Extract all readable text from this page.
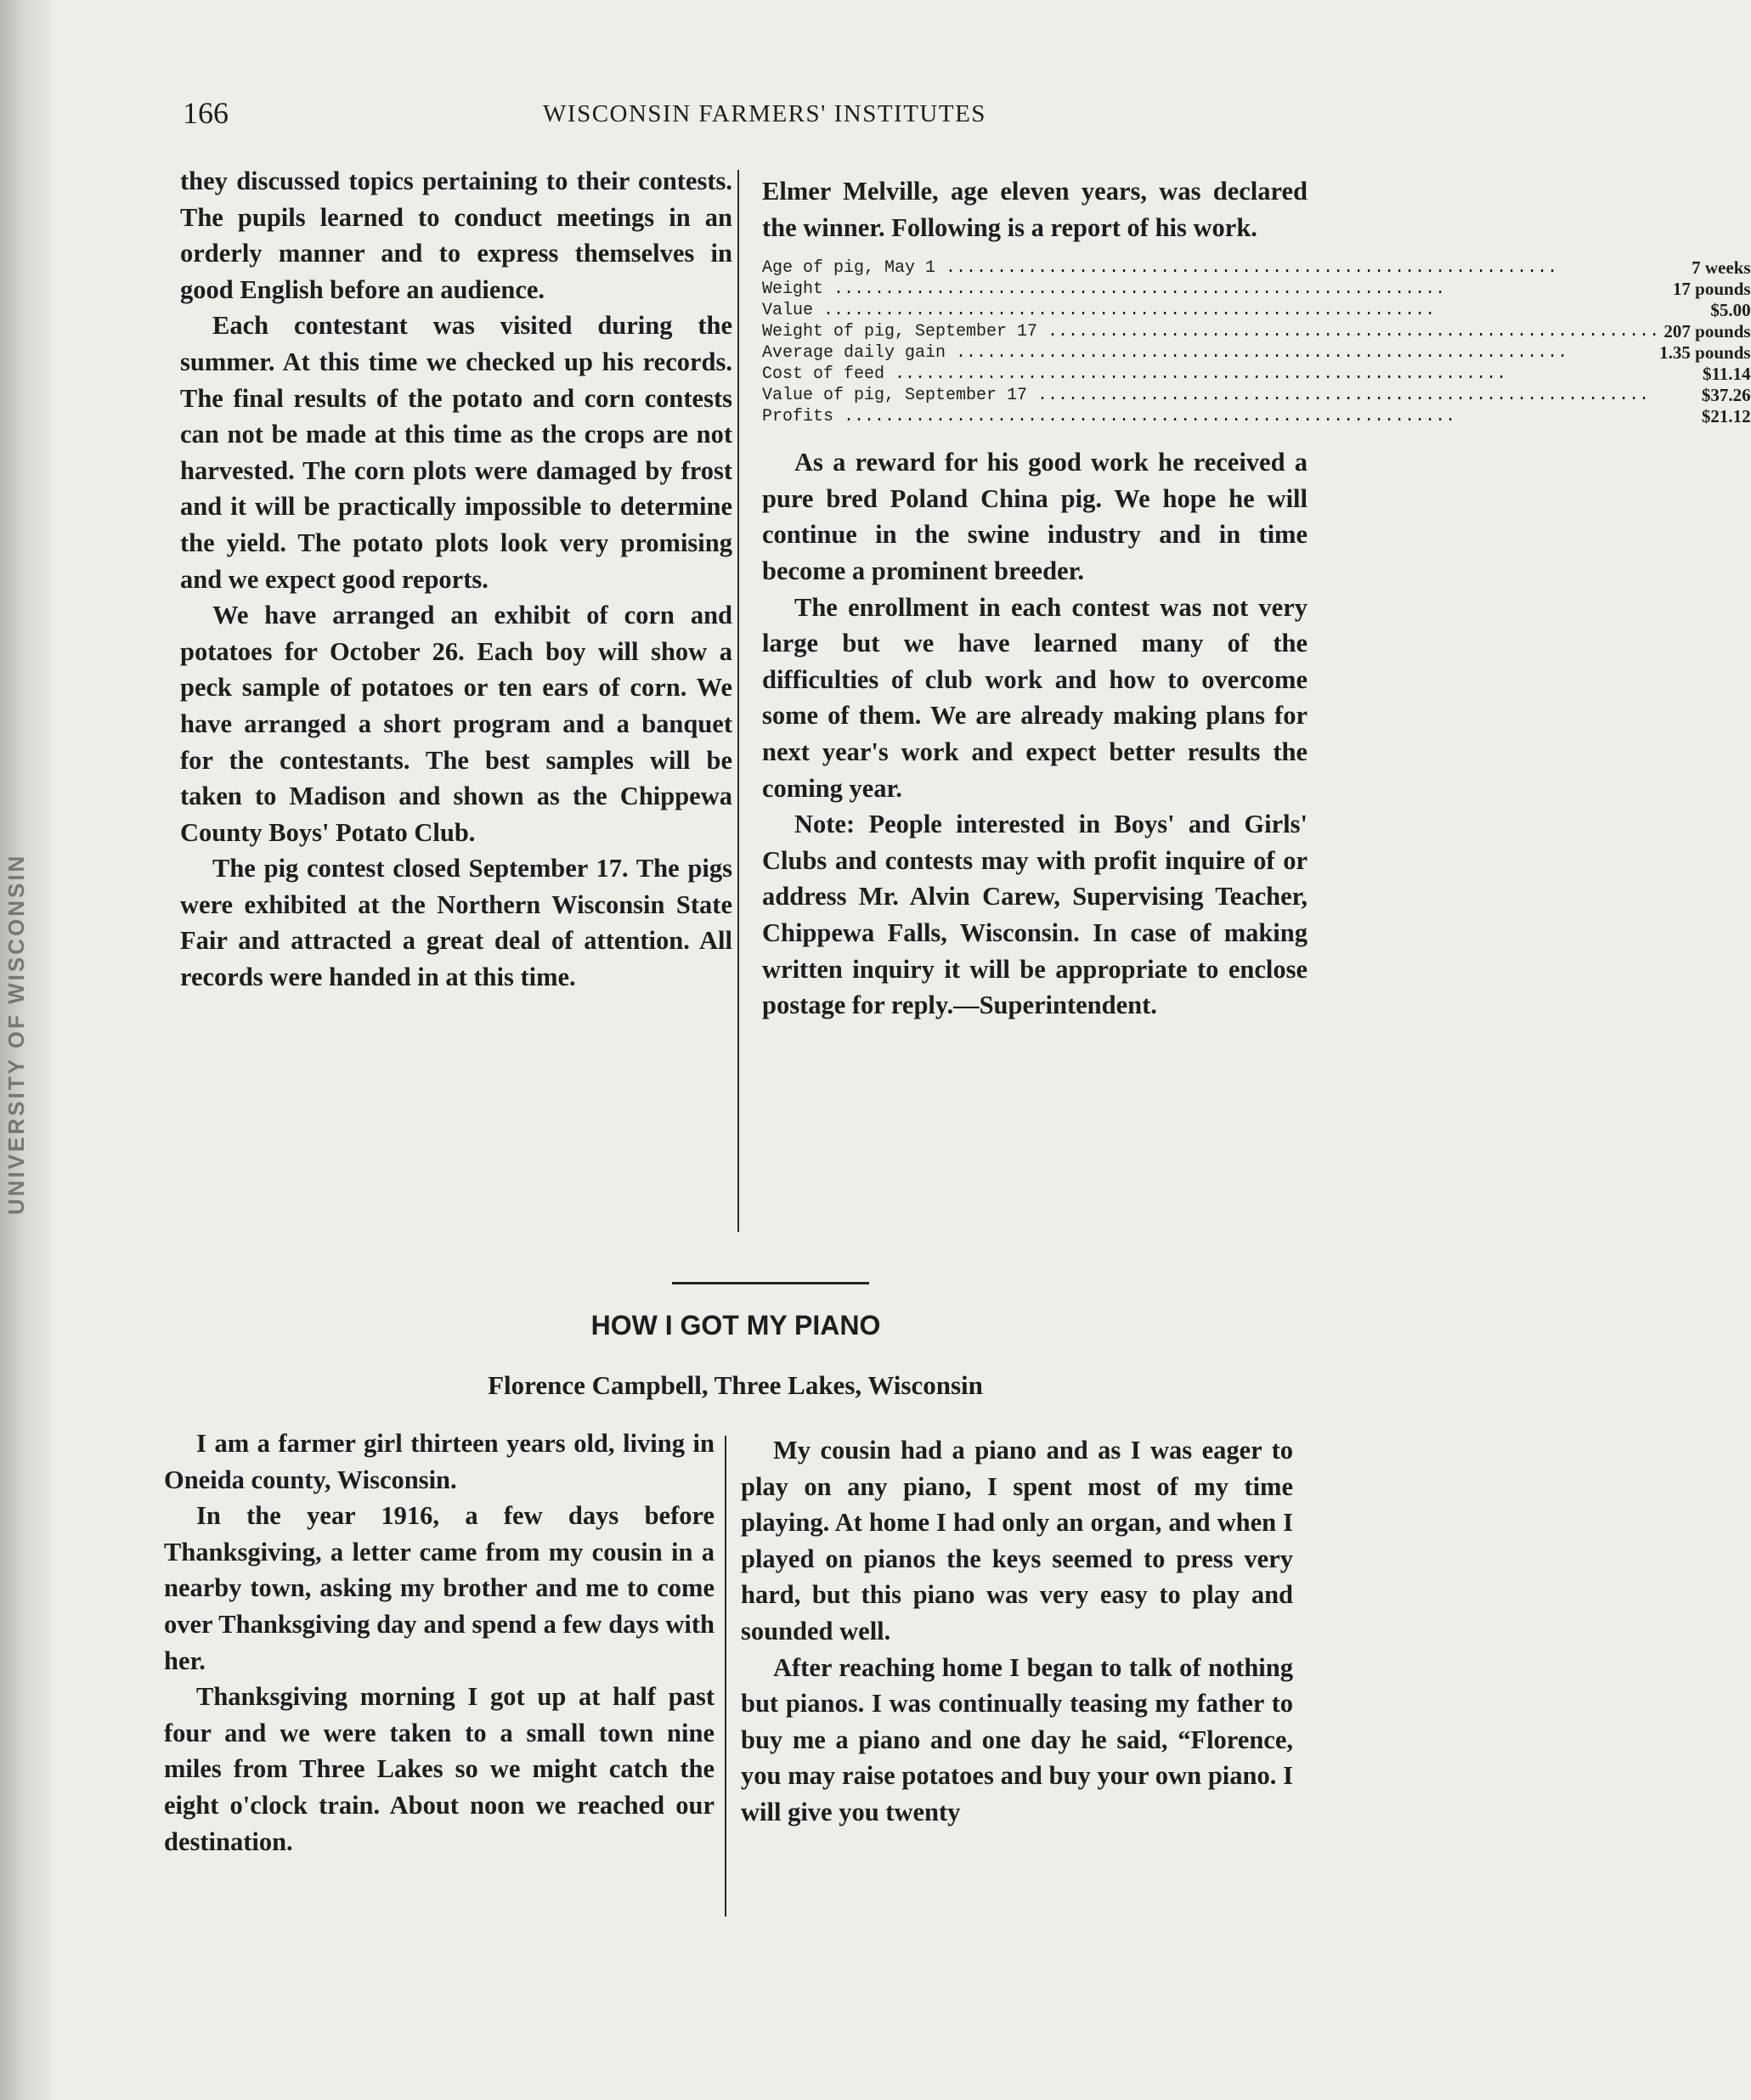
UNIVERSITY OF WISCONSIN
166	WISCONSIN FARMERS' INSTITUTES

they discussed topics pertaining to their contests. The pupils learned to conduct meetings in an orderly manner and to express themselves in good English before an audience.

Each contestant was visited during the summer. At this time we checked up his records. The final results of the potato and corn contests can not be made at this time as the crops are not harvested. The corn plots were damaged by frost and it will be practically impossible to determine the yield. The potato plots look very promising and we expect good reports.

We have arranged an exhibit of corn and potatoes for October 26. Each boy will show a peck sample of potatoes or ten ears of corn. We have arranged a short program and a banquet for the contestants. The best samples will be taken to Madison and shown as the Chippewa County Boys' Potato Club.

The pig contest closed September 17. The pigs were exhibited at the Northern Wisconsin State Fair and attracted a great deal of attention. All records were handed in at this time.

Elmer Melville, age eleven years, was declared the winner. Following is a report of his work.

Age of pig, May 1 ............................................................	7 weeks
Weight ............................................................	17 pounds
Value ............................................................	$5.00
Weight of pig, September 17 ............................................................	207 pounds
Average daily gain ............................................................	1.35 pounds
Cost of feed ............................................................	$11.14
Value of pig, September 17 ............................................................	$37.26
Profits ............................................................	$21.12

As a reward for his good work he received a pure bred Poland China pig. We hope he will continue in the swine industry and in time become a prominent breeder.

The enrollment in each contest was not very large but we have learned many of the difficulties of club work and how to overcome some of them. We are already making plans for next year's work and expect better results the coming year.

Note: People interested in Boys' and Girls' Clubs and contests may with profit inquire of or address Mr. Alvin Carew, Supervising Teacher, Chippewa Falls, Wisconsin. In case of making written inquiry it will be appropriate to enclose postage for reply.—Superintendent.

HOW I GOT MY PIANO
Florence Campbell, Three Lakes, Wisconsin

I am a farmer girl thirteen years old, living in Oneida county, Wisconsin.

In the year 1916, a few days before Thanksgiving, a letter came from my cousin in a nearby town, asking my brother and me to come over Thanksgiving day and spend a few days with her.

Thanksgiving morning I got up at half past four and we were taken to a small town nine miles from Three Lakes so we might catch the eight o'clock train. About noon we reached our destination.

My cousin had a piano and as I was eager to play on any piano, I spent most of my time playing. At home I had only an organ, and when I played on pianos the keys seemed to press very hard, but this piano was very easy to play and sounded well.

After reaching home I began to talk of nothing but pianos. I was continually teasing my father to buy me a piano and one day he said, “Florence, you may raise potatoes and buy your own piano. I will give you twenty
